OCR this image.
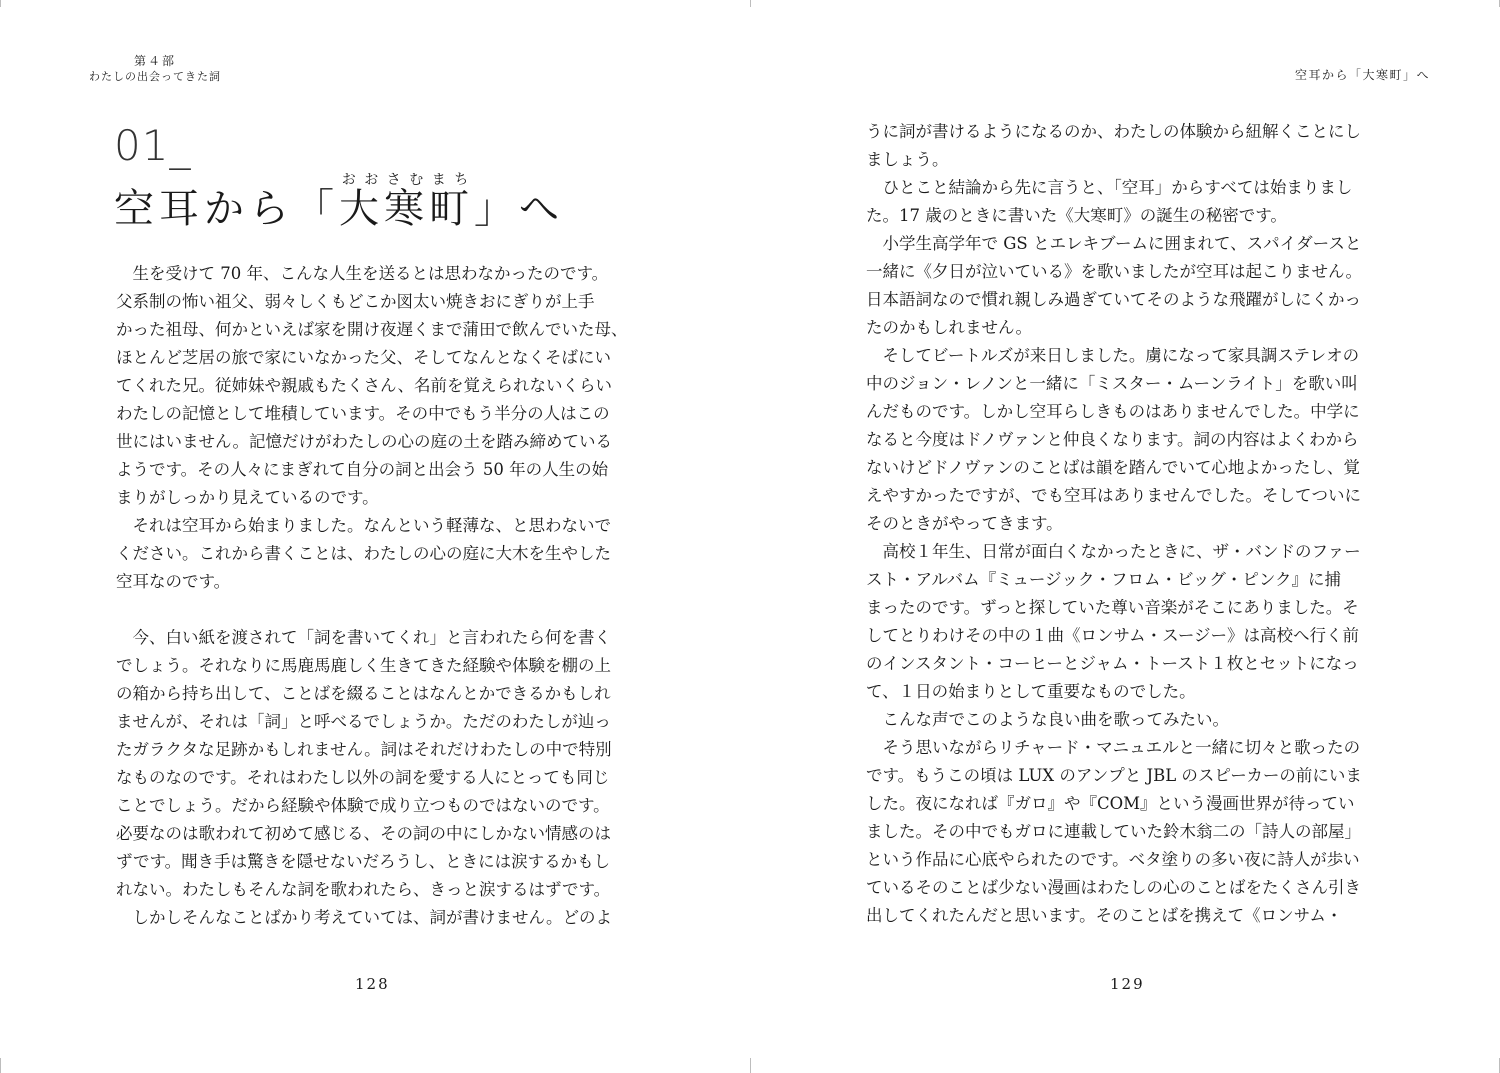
第４部
わたしの出会ってきた詞
01_
空耳から「大寒町おおさむまち」へ
　生を受けて 70 年、こんな人生を送るとは思わなかったのです。
父系制の怖い祖父、弱々しくもどこか図太い焼きおにぎりが上手
かった祖母、何かといえば家を開け夜遅くまで蒲田で飲んでいた母、
ほとんど芝居の旅で家にいなかった父、そしてなんとなくそばにい
てくれた兄。従姉妹や親戚もたくさん、名前を覚えられないくらい
わたしの記憶として堆積しています。その中でもう半分の人はこの
世にはいません。記憶だけがわたしの心の庭の土を踏み締めている
ようです。その人々にまぎれて自分の詞と出会う 50 年の人生の始
まりがしっかり見えているのです。
　それは空耳から始まりました。なんという軽薄な、と思わないで
ください。これから書くことは、わたしの心の庭に大木を生やした
空耳なのです。
　今、白い紙を渡されて「詞を書いてくれ」と言われたら何を書く
でしょう。それなりに馬鹿馬鹿しく生きてきた経験や体験を棚の上
の箱から持ち出して、ことばを綴ることはなんとかできるかもしれ
ませんが、それは「詞」と呼べるでしょうか。ただのわたしが辿っ
たガラクタな足跡かもしれません。詞はそれだけわたしの中で特別
なものなのです。それはわたし以外の詞を愛する人にとっても同じ
ことでしょう。だから経験や体験で成り立つものではないのです。
必要なのは歌われて初めて感じる、その詞の中にしかない情感のは
ずです。聞き手は驚きを隠せないだろうし、ときには涙するかもし
れない。わたしもそんな詞を歌われたら、きっと涙するはずです。
　しかしそんなことばかり考えていては、詞が書けません。どのよ
128
空耳から「大寒町」へ
うに詞が書けるようになるのか、わたしの体験から紐解くことにし
ましょう。
　ひとこと結論から先に言うと、「空耳」からすべては始まりまし
た。17 歳のときに書いた《大寒町》の誕生の秘密です。
　小学生高学年で GS とエレキブームに囲まれて、スパイダースと
一緒に《夕日が泣いている》を歌いましたが空耳は起こりません。
日本語詞なので慣れ親しみ過ぎていてそのような飛躍がしにくかっ
たのかもしれません。
　そしてビートルズが来日しました。虜になって家具調ステレオの
中のジョン・レノンと一緒に「ミスター・ムーンライト」を歌い叫
んだものです。しかし空耳らしきものはありませんでした。中学に
なると今度はドノヴァンと仲良くなります。詞の内容はよくわから
ないけどドノヴァンのことばは韻を踏んでいて心地よかったし、覚
えやすかったですが、でも空耳はありませんでした。そしてついに
そのときがやってきます。
　高校１年生、日常が面白くなかったときに、ザ・バンドのファー
スト・アルバム『ミュージック・フロム・ビッグ・ピンク』に捕
まったのです。ずっと探していた尊い音楽がそこにありました。そ
してとりわけその中の１曲《ロンサム・スージー》は高校へ行く前
のインスタント・コーヒーとジャム・トースト１枚とセットになっ
て、１日の始まりとして重要なものでした。
　こんな声でこのような良い曲を歌ってみたい。
　そう思いながらリチャード・マニュエルと一緒に切々と歌ったの
です。もうこの頃は LUX のアンプと JBL のスピーカーの前にいま
した。夜になれば『ガロ』や『COM』という漫画世界が待ってい
ました。その中でもガロに連載していた鈴木翁二の「詩人の部屋」
という作品に心底やられたのです。ベタ塗りの多い夜に詩人が歩い
ているそのことば少ない漫画はわたしの心のことばをたくさん引き
出してくれたんだと思います。そのことばを携えて《ロンサム・
129
